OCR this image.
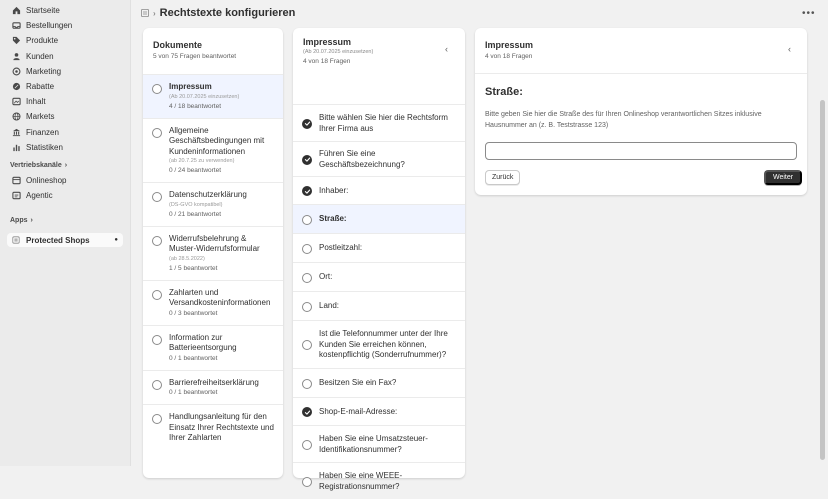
Startseite
Bestellungen
Produkte
Kunden
Marketing
Rabatte
Inhalt
Markets
Finanzen
Statistiken
Vertriebskanäle ›
Onlineshop
Agentic
Apps ›
Protected Shops	●
› Rechtstexte konfigurieren	•••
Dokumente
5 von 75 Fragen beantwortet
Impressum
(Ab 20.07.2025 einzusetzen)
4 / 18 beantwortet
Allgemeine Geschäftsbedingungen mit Kundeninformationen
(ab 20.7.25 zu verwenden)
0 / 24 beantwortet
Datenschutzerklärung
(DS-GVO kompatibel)
0 / 21 beantwortet
Widerrufsbelehrung & Muster-Widerrufsformular
(ab 28.5.2022)
1 / 5 beantwortet
Zahlarten und Versandkosteninformationen
0 / 3 beantwortet
Information zur Batterieentsorgung
0 / 1 beantwortet
Barrierefreiheitserklärung
0 / 1 beantwortet
Handlungsanleitung für den Einsatz Ihrer Rechtstexte und Ihrer Zahlarten
Impressum
(Ab 20.07.2025 einzusetzen)
4 von 18 Fragen
‹
Bitte wählen Sie hier die Rechtsform Ihrer Firma aus
Führen Sie eine Geschäftsbezeichnung?
Inhaber:
Straße:
Postleitzahl:
Ort:
Land:
Ist die Telefonnummer unter der Ihre Kunden Sie erreichen können, kostenpflichtig (Sonderrufnummer)?
Besitzen Sie ein Fax?
Shop-E-mail-Adresse:
Haben Sie eine Umsatzsteuer-Identifikationsnummer?
Haben Sie eine WEEE-Registrationsnummer?
Impressum
4 von 18 Fragen
‹
Straße:
Bitte geben Sie hier die Straße des für Ihren Onlineshop verantwortlichen Sitzes inklusive Hausnummer an (z. B. Teststrasse 123)
Zurück	Weiter
